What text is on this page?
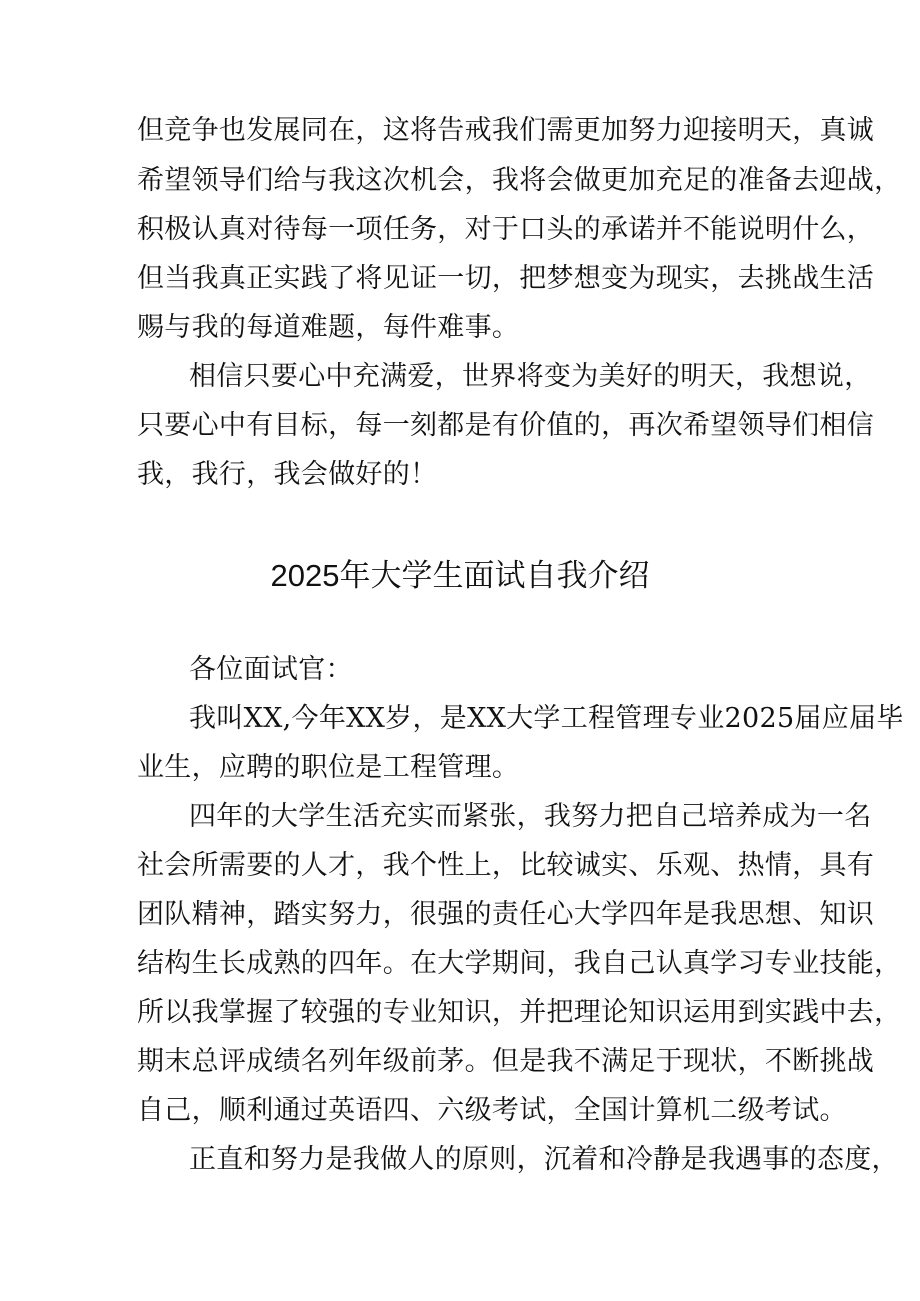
但竞争也发展同在，这将告戒我们需更加努力迎接明天，真诚
希望领导们给与我这次机会，我将会做更加充足的准备去迎战，
积极认真对待每一项任务，对于口头的承诺并不能说明什么，
但当我真正实践了将见证一切，把梦想变为现实，去挑战生活
赐与我的每道难题，每件难事。
相信只要心中充满爱，世界将变为美好的明天，我想说，
只要心中有目标，每一刻都是有价值的，再次希望领导们相信
我，我行，我会做好的！
2025年大学生面试自我介绍
各位面试官：
我叫XX,今年XX岁，是XX大学工程管理专业2025届应届毕
业生，应聘的职位是工程管理。
四年的大学生活充实而紧张，我努力把自己培养成为一名
社会所需要的人才，我个性上，比较诚实、乐观、热情，具有
团队精神，踏实努力，很强的责任心大学四年是我思想、知识
结构生长成熟的四年。在大学期间，我自己认真学习专业技能，
所以我掌握了较强的专业知识，并把理论知识运用到实践中去，
期末总评成绩名列年级前茅。但是我不满足于现状，不断挑战
自己，顺利通过英语四、六级考试，全国计算机二级考试。
正直和努力是我做人的原则，沉着和冷静是我遇事的态度，
